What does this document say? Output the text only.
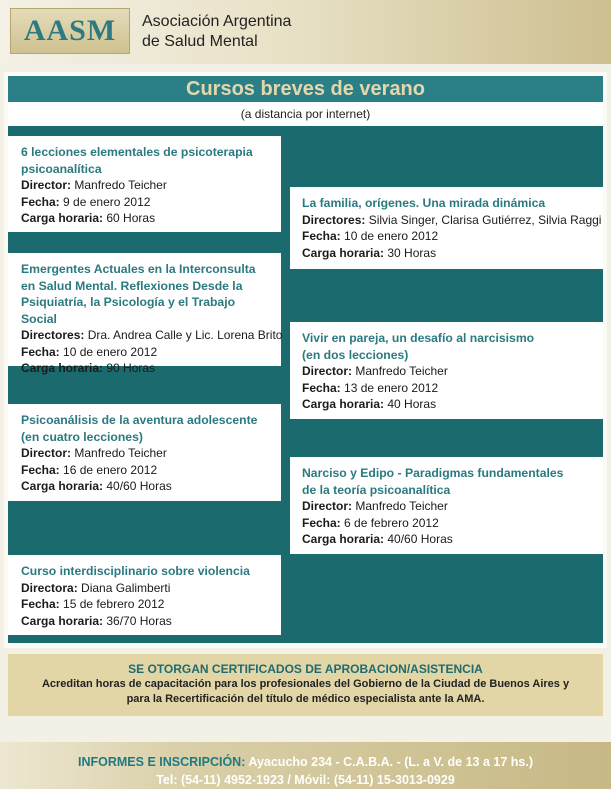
AASM	Asociación Argentina
de Salud Mental
Cursos breves de verano
(a distancia por internet)
6 lecciones elementales de psicoterapia
psicoanalítica
Director: Manfredo Teicher
Fecha: 9 de enero 2012
Carga horaria: 60 Horas
La familia, orígenes. Una mirada dinámica
Directores: Silvia Singer, Clarisa Gutiérrez, Silvia Raggi
Fecha: 10 de enero 2012
Carga horaria: 30 Horas
Emergentes Actuales en la Interconsulta
en Salud Mental. Reflexiones Desde la
Psiquiatría, la Psicología y el Trabajo Social
Directores: Dra. Andrea Calle y Lic. Lorena Brito
Fecha: 10 de enero 2012
Carga horaria: 90 Horas
Vivir en pareja, un desafío al narcisismo
(en dos lecciones)
Director: Manfredo Teicher
Fecha: 13 de enero 2012
Carga horaria: 40 Horas
Psicoanálisis de la aventura adolescente
(en cuatro lecciones)
Director: Manfredo Teicher
Fecha: 16 de enero 2012
Carga horaria: 40/60 Horas
Narciso y Edipo - Paradigmas fundamentales
de la teoría psicoanalítica
Director: Manfredo Teicher
Fecha: 6 de febrero 2012
Carga horaria: 40/60 Horas
Curso interdisciplinario sobre violencia
Directora: Diana Galimberti
Fecha: 15 de febrero 2012
Carga horaria: 36/70 Horas
SE OTORGAN CERTIFICADOS DE APROBACION/ASISTENCIA
Acreditan horas de capacitación para los profesionales del Gobierno de la Ciudad de Buenos Aires y
para la Recertificación del título de médico especialista ante la AMA.
INFORMES E INSCRIPCIÓN: Ayacucho 234 - C.A.B.A. - (L. a V. de 13 a 17 hs.)
Tel: (54-11) 4952-1923 / Móvil: (54-11) 15-3013-0929
